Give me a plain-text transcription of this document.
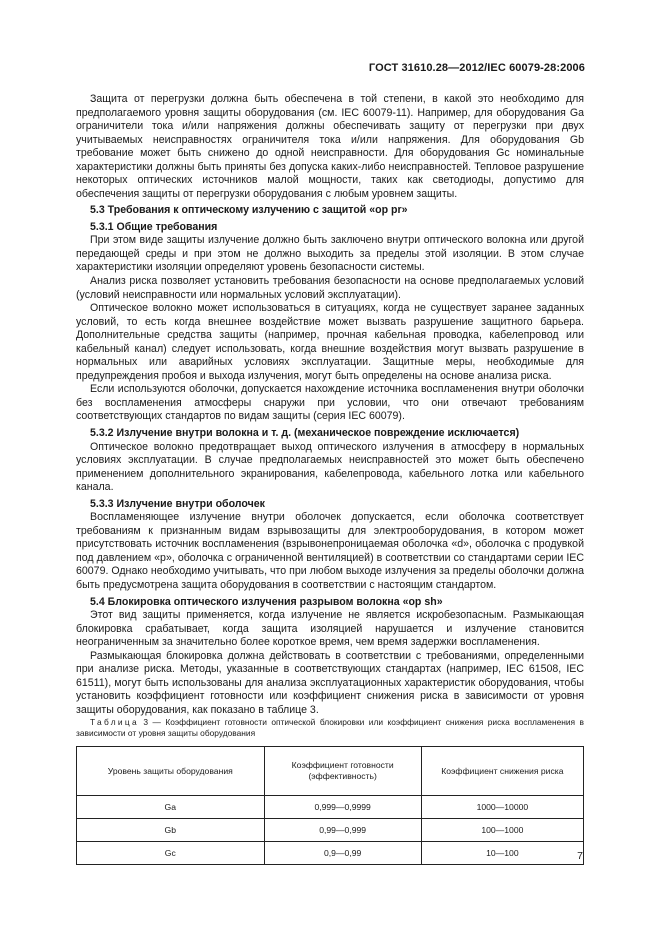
ГОСТ 31610.28—2012/IEC 60079-28:2006

Защита от перегрузки должна быть обеспечена в той степени, в какой это необходимо для предполагаемого уровня защиты оборудования (см. IEC 60079-11). Например, для оборудования Ga ограничители тока и/или напряжения должны обеспечивать защиту от перегрузки при двух учитываемых неисправностях ограничителя тока и/или напряжения. Для оборудования Gb требование может быть снижено до одной неисправности. Для оборудования Gc номинальные характеристики должны быть приняты без допуска каких-либо неисправностей. Тепловое разрушение некоторых оптических источников малой мощности, таких как светодиоды, допустимо для обеспечения защиты от перегрузки оборудования с любым уровнем защиты.

5.3 Требования к оптическому излучению с защитой «op pr»
5.3.1 Общие требования

При этом виде защиты излучение должно быть заключено внутри оптического волокна или другой передающей среды и при этом не должно выходить за пределы этой изоляции. В этом случае характеристики изоляции определяют уровень безопасности системы.

Анализ риска позволяет установить требования безопасности на основе предполагаемых условий (условий неисправности или нормальных условий эксплуатации).

Оптическое волокно может использоваться в ситуациях, когда не существует заранее заданных условий, то есть когда внешнее воздействие может вызвать разрушение защитного барьера. Дополнительные средства защиты (например, прочная кабельная проводка, кабелепровод или кабельный канал) следует использовать, когда внешние воздействия могут вызвать разрушение в нормальных или аварийных условиях эксплуатации. Защитные меры, необходимые для предупреждения пробоя и выхода излучения, могут быть определены на основе анализа риска.

Если используются оболочки, допускается нахождение источника воспламенения внутри оболочки без воспламенения атмосферы снаружи при условии, что они отвечают требованиям соответствующих стандартов по видам защиты (серия IEC 60079).

5.3.2 Излучение внутри волокна и т. д. (механическое повреждение исключается)

Оптическое волокно предотвращает выход оптического излучения в атмосферу в нормальных условиях эксплуатации. В случае предполагаемых неисправностей это может быть обеспечено применением дополнительного экранирования, кабелепровода, кабельного лотка или кабельного канала.

5.3.3 Излучение внутри оболочек

Воспламеняющее излучение внутри оболочек допускается, если оболочка соответствует требованиям к признанным видам взрывозащиты для электрооборудования, в котором может присутствовать источник воспламенения (взрывонепроницаемая оболочка «d», оболочка с продувкой под давлением «р», оболочка с ограниченной вентиляцией) в соответствии со стандартами серии IEC 60079. Однако необходимо учитывать, что при любом выходе излучения за пределы оболочки должна быть предусмотрена защита оборудования в соответствии с настоящим стандартом.

5.4 Блокировка оптического излучения разрывом волокна «op sh»

Этот вид защиты применяется, когда излучение не является искробезопасным. Размыкающая блокировка срабатывает, когда защита изоляцией нарушается и излучение становится неограниченным за значительно более короткое время, чем время задержки воспламенения.

Размыкающая блокировка должна действовать в соответствии с требованиями, определенными при анализе риска. Методы, указанные в соответствующих стандартах (например, IEC 61508, IEC 61511), могут быть использованы для анализа эксплуатационных характеристик оборудования, чтобы установить коэффициент готовности или коэффициент снижения риска в зависимости от уровня защиты оборудования, как показано в таблице 3.

Таблица 3 — Коэффициент готовности оптической блокировки или коэффициент снижения риска воспламенения в зависимости от уровня защиты оборудования

Уровень защиты оборудования	Коэффициент готовности (эффективность)	Коэффициент снижения риска
Ga	0,999—0,9999	1000—10000
Gb	0,99—0,999	100—1000
Gc	0,9—0,99	10—100	7
